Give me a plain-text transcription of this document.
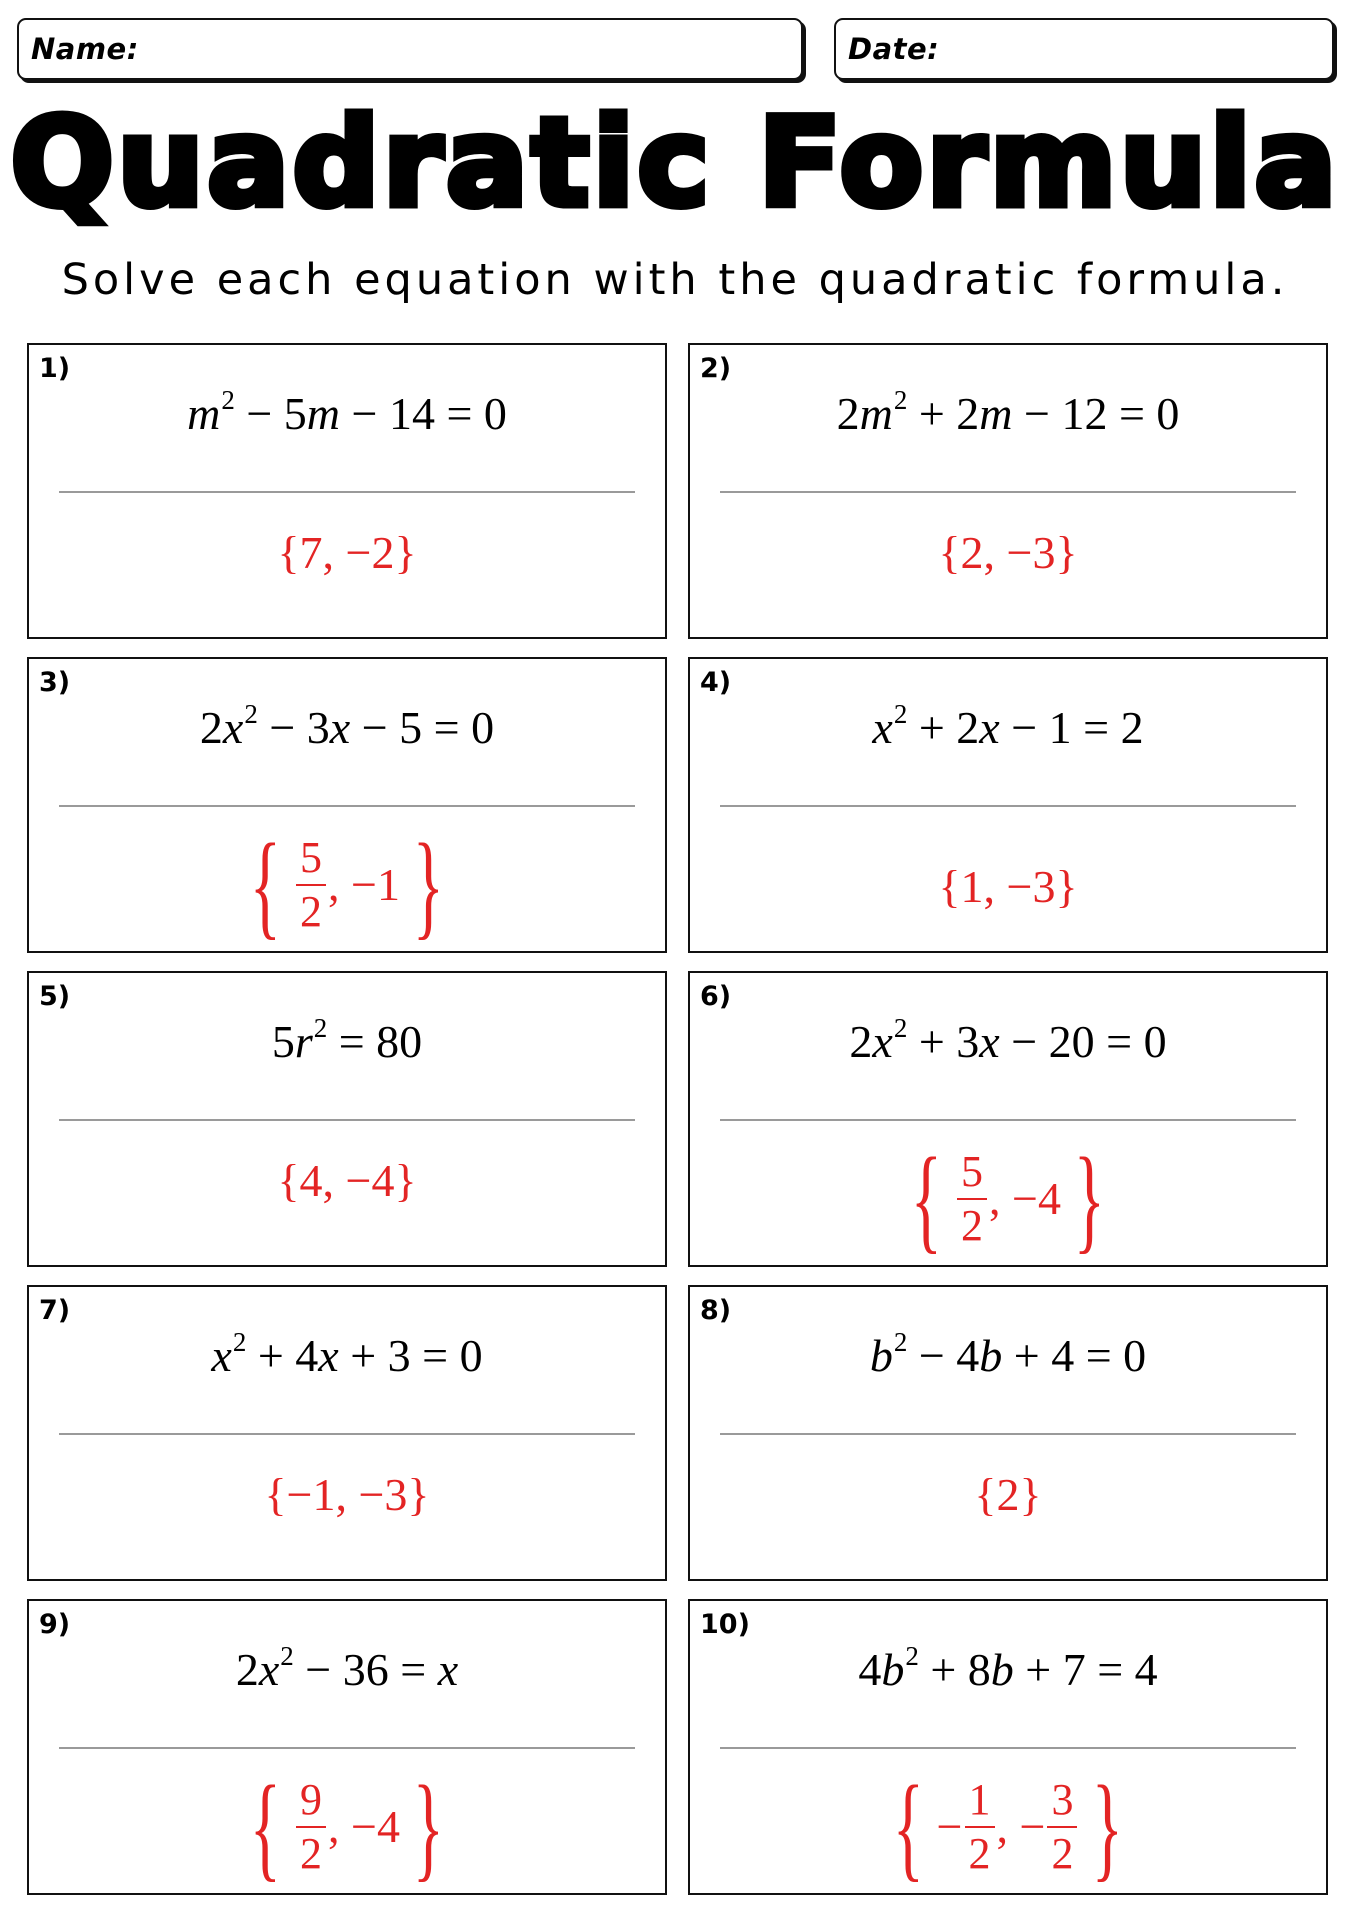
Name:	Date:
Quadratic Formula
Solve each equation with the quadratic formula.
1)
$m^2 - 5m - 14 = 0$
{7, −2}
2)
$2m^2 + 2m - 12 = 0$
{2, −3}
3)
$2x^2 - 3x - 5 = 0$
{ $\frac{5}{2}$ , −1 }
4)
$x^2 + 2x - 1 = 2$
{1, −3}
5)
$5r^2 = 80$
{4, −4}
6)
$2x^2 + 3x - 20 = 0$
{ $\frac{5}{2}$ , −4 }
7)
$x^2 + 4x + 3 = 0$
{−1, −3}
8)
$b^2 - 4b + 4 = 0$
{2}
9)
$2x^2 - 36 = x$
{ $\frac{9}{2}$ , −4 }
10)
$4b^2 + 8b + 7 = 4$
{ − $\frac{1}{2}$ , − $\frac{3}{2}$ }
